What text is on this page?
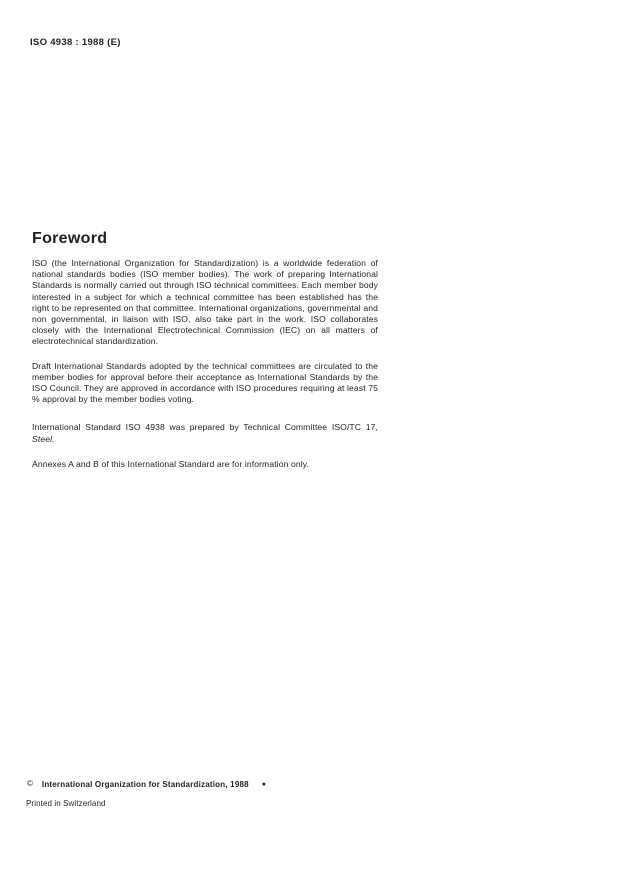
ISO 4938 : 1988 (E)
Foreword

ISO (the International Organization for Standardization) is a worldwide federation of national standards bodies (ISO member bodies). The work of preparing International Standards is normally carried out through ISO technical committees. Each member body interested in a subject for which a technical committee has been established has the right to be represented on that committee. International organizations, governmental and non governmental, in liaison with ISO, also take part in the work. ISO collaborates closely with the International Electrotechnical Commission (IEC) on all matters of electrotechnical standardization.

Draft International Standards adopted by the technical committees are circulated to the member bodies for approval before their acceptance as International Standards by the ISO Council. They are approved in accordance with ISO procedures requiring at least 75 % approval by the member bodies voting.

International Standard ISO 4938 was prepared by Technical Committee ISO/TC 17, Steel.

Annexes A and B of this International Standard are for information only.

© International Organization for Standardization, 1988 ●
Printed in Switzerland
